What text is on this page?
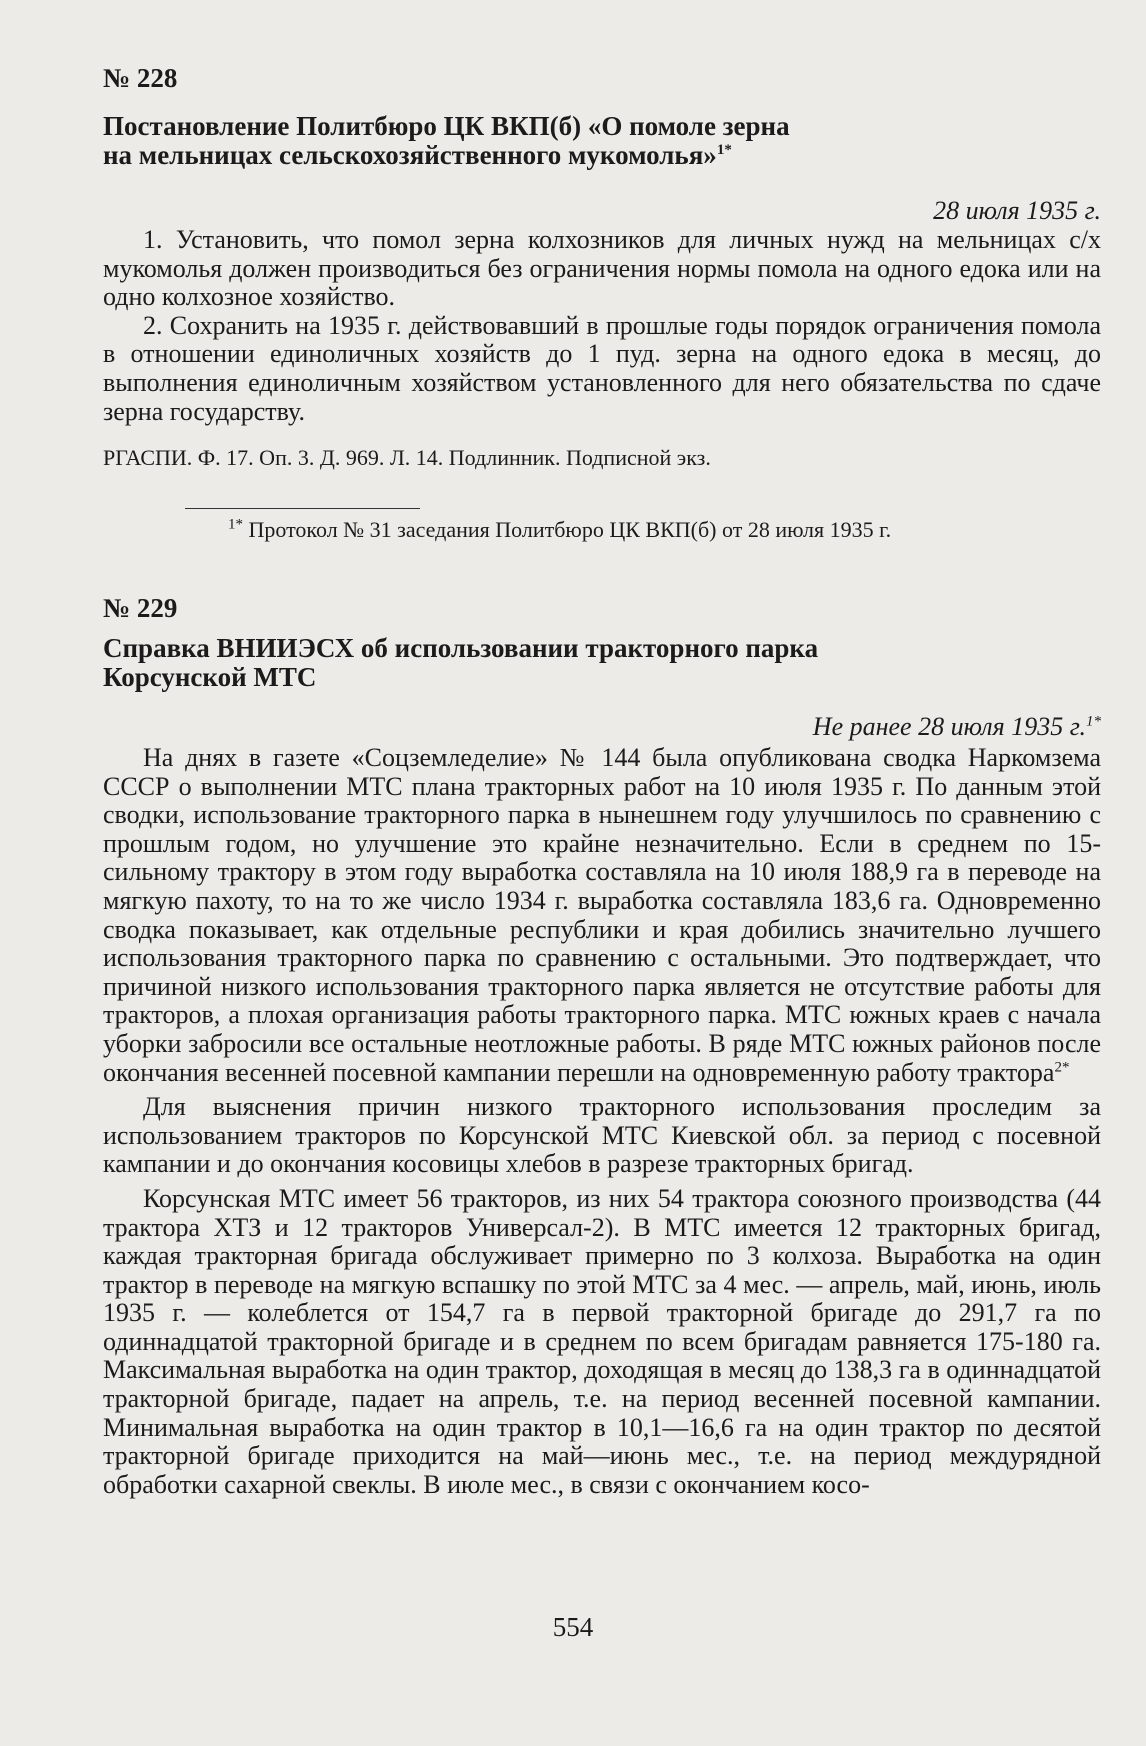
№ 228

Постановление Политбюро ЦК ВКП(б) «О помоле зерна

на мельницах сельскохозяйственного мукомолья»$^{1*}$

28 июля 1935 г.

1. Установить, что помол зерна колхозников для личных нужд на мельницах с/х мукомолья должен производиться без ограничения нормы помола на одного едока или на одно колхозное хозяйство.

2. Сохранить на 1935 г. действовавший в прошлые годы порядок ограничения помола в отношении единоличных хозяйств до 1 пуд. зерна на одного едока в месяц, до выполнения единоличным хозяйством установленного для него обязательства по сдаче зерна государству.

РГАСПИ. Ф. 17. Оп. 3. Д. 969. Л. 14. Подлинник. Подписной экз.

$^{1*}$ Протокол № 31 заседания Политбюро ЦК ВКП(б) от 28 июля 1935 г.

№ 229

Справка ВНИИЭСХ об использовании тракторного парка

Корсунской МТС

Не ранее 28 июля 1935 г.$^{1*}$

На днях в газете «Соцземледелие» № 144 была опубликована сводка Наркомзема СССР о выполнении МТС плана тракторных работ на 10 июля 1935 г. По данным этой сводки, использование тракторного парка в нынешнем году улучшилось по сравнению с прошлым годом, но улучшение это крайне незначительно. Если в среднем по 15-сильному трактору в этом году выработка составляла на 10 июля 188,9 га в переводе на мягкую пахоту, то на то же число 1934 г. выработка составляла 183,6 га. Одновременно сводка показывает, как отдельные республики и края добились значительно лучшего использования тракторного парка по сравнению с остальными. Это подтверждает, что причиной низкого использования тракторного парка является не отсутствие работы для тракторов, а плохая организация работы тракторного парка. МТС южных краев с начала уборки забросили все остальные неотложные работы. В ряде МТС южных районов после окончания весенней посевной кампании перешли на одновременную работу трактора$^{2*}$

Для выяснения причин низкого тракторного использования проследим за использованием тракторов по Корсунской МТС Киевской обл. за период с посевной кампании и до окончания косовицы хлебов в разрезе тракторных бригад.

Корсунская МТС имеет 56 тракторов, из них 54 трактора союзного производства (44 трактора ХТЗ и 12 тракторов Универсал-2). В МТС имеется 12 тракторных бригад, каждая тракторная бригада обслуживает примерно по 3 колхоза. Выработка на один трактор в переводе на мягкую вспашку по этой МТС за 4 мес. — апрель, май, июнь, июль 1935 г. — колеблется от 154,7 га в первой тракторной бригаде до 291,7 га по одиннадцатой тракторной бригаде и в среднем по всем бригадам равняется 175-180 га. Максимальная выработка на один трактор, доходящая в месяц до 138,3 га в одиннадцатой тракторной бригаде, падает на апрель, т.е. на период весенней посевной кампании. Минимальная выработка на один трактор в 10,1—16,6 га на один трактор по десятой тракторной бригаде приходится на май—июнь мес., т.е. на период междурядной обработки сахарной свеклы. В июле мес., в связи с окончанием косо-

554
